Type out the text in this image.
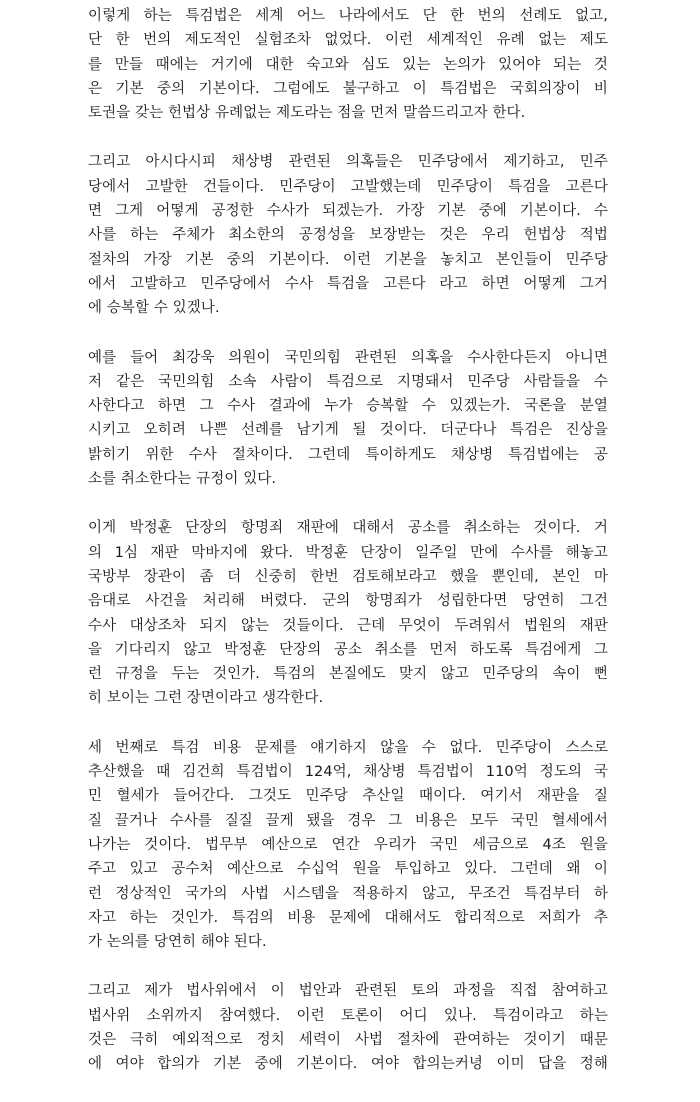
이렇게 하는 특검법은 세계 어느 나라에서도 단 한 번의 선례도 없고,
단 한 번의 제도적인 실험조차 없었다. 이런 세계적인 유례 없는 제도
를 만들 때에는 거기에 대한 숙고와 심도 있는 논의가 있어야 되는 것
은 기본 중의 기본이다. 그럼에도 불구하고 이 특검법은 국회의장이 비
토권을 갖는 헌법상 유례없는 제도라는 점을 먼저 말씀드리고자 한다.
그리고 아시다시피 채상병 관련된 의혹들은 민주당에서 제기하고, 민주
당에서 고발한 건들이다. 민주당이 고발했는데 민주당이 특검을 고른다
면 그게 어떻게 공정한 수사가 되겠는가. 가장 기본 중에 기본이다. 수
사를 하는 주체가 최소한의 공정성을 보장받는 것은 우리 헌법상 적법
절차의 가장 기본 중의 기본이다. 이런 기본을 놓치고 본인들이 민주당
에서 고발하고 민주당에서 수사 특검을 고른다 라고 하면 어떻게 그거
에 승복할 수 있겠나.
예를 들어 최강욱 의원이 국민의힘 관련된 의혹을 수사한다든지 아니면
저 같은 국민의힘 소속 사람이 특검으로 지명돼서 민주당 사람들을 수
사한다고 하면 그 수사 결과에 누가 승복할 수 있겠는가. 국론을 분열
시키고 오히려 나쁜 선례를 남기게 될 것이다. 더군다나 특검은 진상을
밝히기 위한 수사 절차이다. 그런데 특이하게도 채상병 특검법에는 공
소를 취소한다는 규정이 있다.
이게 박정훈 단장의 항명죄 재판에 대해서 공소를 취소하는 것이다. 거
의 1심 재판 막바지에 왔다. 박정훈 단장이 일주일 만에 수사를 해놓고
국방부 장관이 좀 더 신중히 한번 검토해보라고 했을 뿐인데, 본인 마
음대로 사건을 처리해 버렸다. 군의 항명죄가 성립한다면 당연히 그건
수사 대상조차 되지 않는 것들이다. 근데 무엇이 두려워서 법원의 재판
을 기다리지 않고 박정훈 단장의 공소 취소를 먼저 하도록 특검에게 그
런 규정을 두는 것인가. 특검의 본질에도 맞지 않고 민주당의 속이 뻔
히 보이는 그런 장면이라고 생각한다.
세 번째로 특검 비용 문제를 얘기하지 않을 수 없다. 민주당이 스스로
추산했을 때 김건희 특검법이 124억, 채상병 특검법이 110억 정도의 국
민 혈세가 들어간다. 그것도 민주당 추산일 때이다. 여기서 재판을 질
질 끌거나 수사를 질질 끌게 됐을 경우 그 비용은 모두 국민 혈세에서
나가는 것이다. 법무부 예산으로 연간 우리가 국민 세금으로 4조 원을
주고 있고 공수처 예산으로 수십억 원을 투입하고 있다. 그런데 왜 이
런 정상적인 국가의 사법 시스템을 적용하지 않고, 무조건 특검부터 하
자고 하는 것인가. 특검의 비용 문제에 대해서도 합리적으로 저희가 추
가 논의를 당연히 해야 된다.
그리고 제가 법사위에서 이 법안과 관련된 토의 과정을 직접 참여하고
법사위 소위까지 참여했다. 이런 토론이 어디 있나. 특검이라고 하는
것은 극히 예외적으로 정치 세력이 사법 절차에 관여하는 것이기 때문
에 여야 합의가 기본 중에 기본이다. 여야 합의는커녕 이미 답을 정해
